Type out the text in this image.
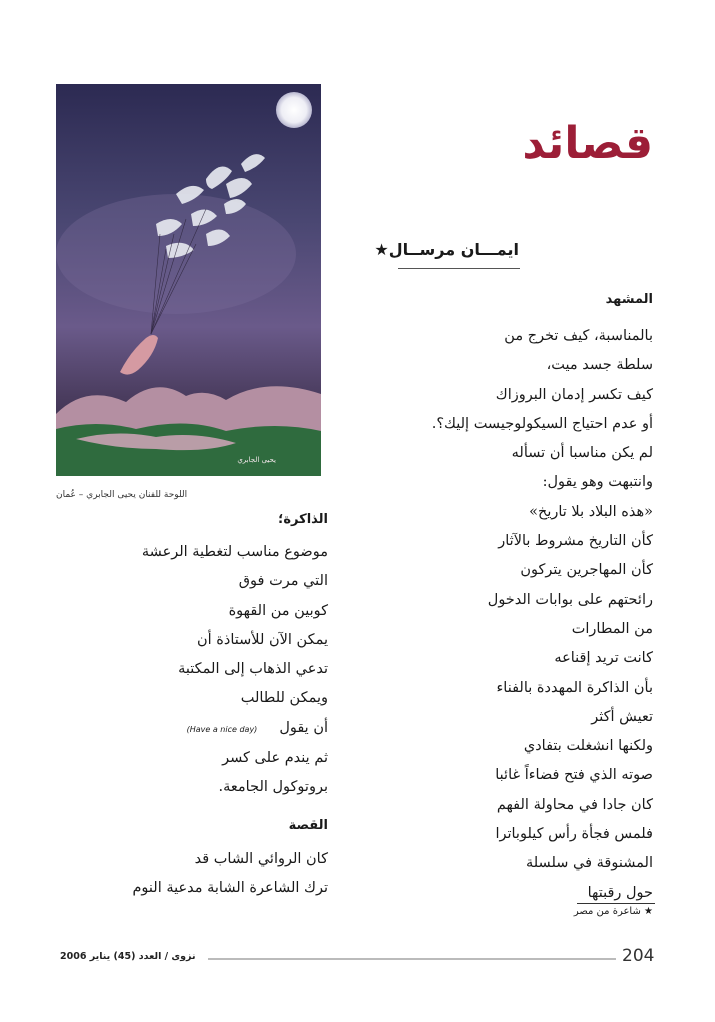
قصائد
ايمـــان مرســال★
يحيى الجابري
اللوحة للفنان يحيى الجابري – عُمان
المشهد
بالمناسبة، كيف تخرج من
سلطة جسد ميت،
كيف تكسر إدمان البروزاك
أو عدم احتياج السيكولوجيست إليك؟.
لم يكن مناسبا أن تسأله
وانتبهت وهو يقول:
«هذه البلاد بلا تاريخ»
كأن التاريخ مشروط بالآثار
كأن المهاجرين يتركون
رائحتهم على بوابات الدخول
من المطارات
كانت تريد إقناعه
بأن الذاكرة المهددة بالفناء
تعيش أكثر
ولكنها انشغلت بتفادي
صوته الذي فتح فضاءاً غائبا
كان جادا في محاولة الفهم
فلمس فجأة رأس كيلوباترا
المشنوقة في سلسلة
حول رقبتها
★ شاعرة من مصر
الذاكرة؛
موضوع مناسب لتغطية الرعشة
التي مرت فوق
كوبين من القهوة
يمكن الآن للأستاذة أن
تدعي الذهاب إلى المكتبة
ويمكن للطالب
أن يقول(Have a nice day)
ثم يندم على كسر
بروتوكول الجامعة.
القصة
كان الروائي الشاب قد
ترك الشاعرة الشابة مدعية النوم
204
نزوى / العدد (45) يناير 2006
